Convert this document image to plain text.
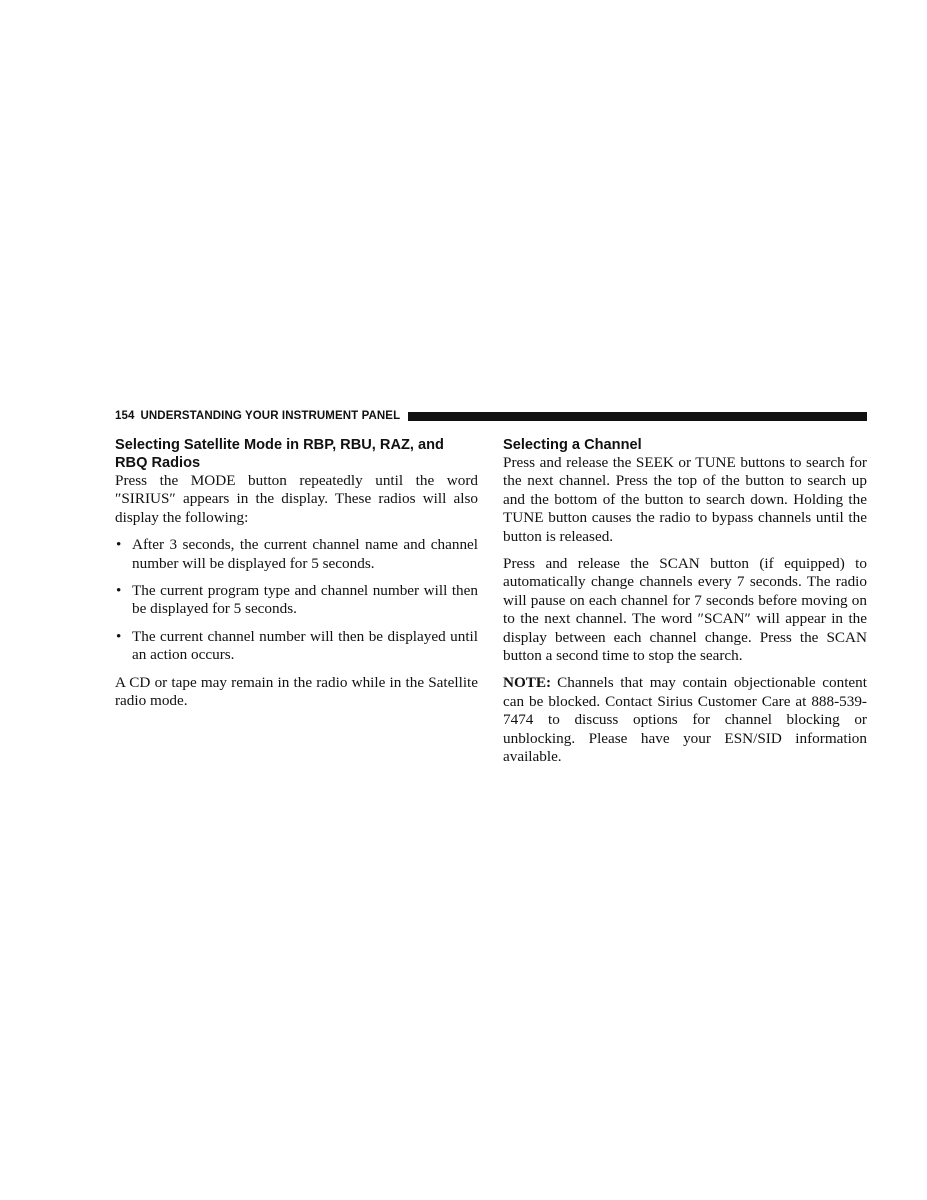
154 UNDERSTANDING YOUR INSTRUMENT PANEL
Selecting Satellite Mode in RBP, RBU, RAZ, and RBQ Radios

Press the MODE button repeatedly until the word ″SIRIUS″ appears in the display. These radios will also display the following:

• After 3 seconds, the current channel name and channel number will be displayed for 5 seconds.
• The current program type and channel number will then be displayed for 5 seconds.
• The current channel number will then be displayed until an action occurs.

A CD or tape may remain in the radio while in the Satellite radio mode.

Selecting a Channel

Press and release the SEEK or TUNE buttons to search for the next channel. Press the top of the button to search up and the bottom of the button to search down. Holding the TUNE button causes the radio to bypass channels until the button is released.

Press and release the SCAN button (if equipped) to automatically change channels every 7 seconds. The radio will pause on each channel for 7 seconds before moving on to the next channel. The word ″SCAN″ will appear in the display between each channel change. Press the SCAN button a second time to stop the search.

NOTE: Channels that may contain objectionable content can be blocked. Contact Sirius Customer Care at 888-539-7474 to discuss options for channel blocking or unblocking. Please have your ESN/SID information available.
